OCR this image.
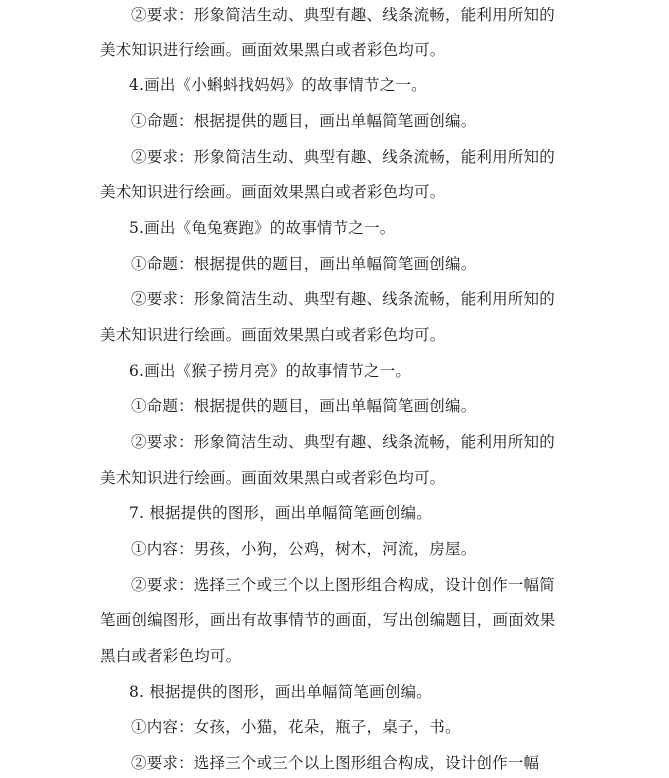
②要求：形象简洁生动、典型有趣、线条流畅，能利用所知的
美术知识进行绘画。画面效果黑白或者彩色均可。
4.画出《小蝌蚪找妈妈》的故事情节之一。
①命题：根据提供的题目，画出单幅简笔画创编。
②要求：形象简洁生动、典型有趣、线条流畅，能利用所知的
美术知识进行绘画。画面效果黑白或者彩色均可。
5.画出《龟兔赛跑》的故事情节之一。
①命题：根据提供的题目，画出单幅简笔画创编。
②要求：形象简洁生动、典型有趣、线条流畅，能利用所知的
美术知识进行绘画。画面效果黑白或者彩色均可。
6.画出《猴子捞月亮》的故事情节之一。
①命题：根据提供的题目，画出单幅简笔画创编。
②要求：形象简洁生动、典型有趣、线条流畅，能利用所知的
美术知识进行绘画。画面效果黑白或者彩色均可。
7. 根据提供的图形，画出单幅简笔画创编。
①内容：男孩，小狗，公鸡，树木，河流，房屋。
②要求：选择三个或三个以上图形组合构成，设计创作一幅简
笔画创编图形，画出有故事情节的画面，写出创编题目，画面效果
黑白或者彩色均可。
8. 根据提供的图形，画出单幅简笔画创编。
①内容：女孩，小猫，花朵，瓶子，桌子，书。
②要求：选择三个或三个以上图形组合构成，设计创作一幅
